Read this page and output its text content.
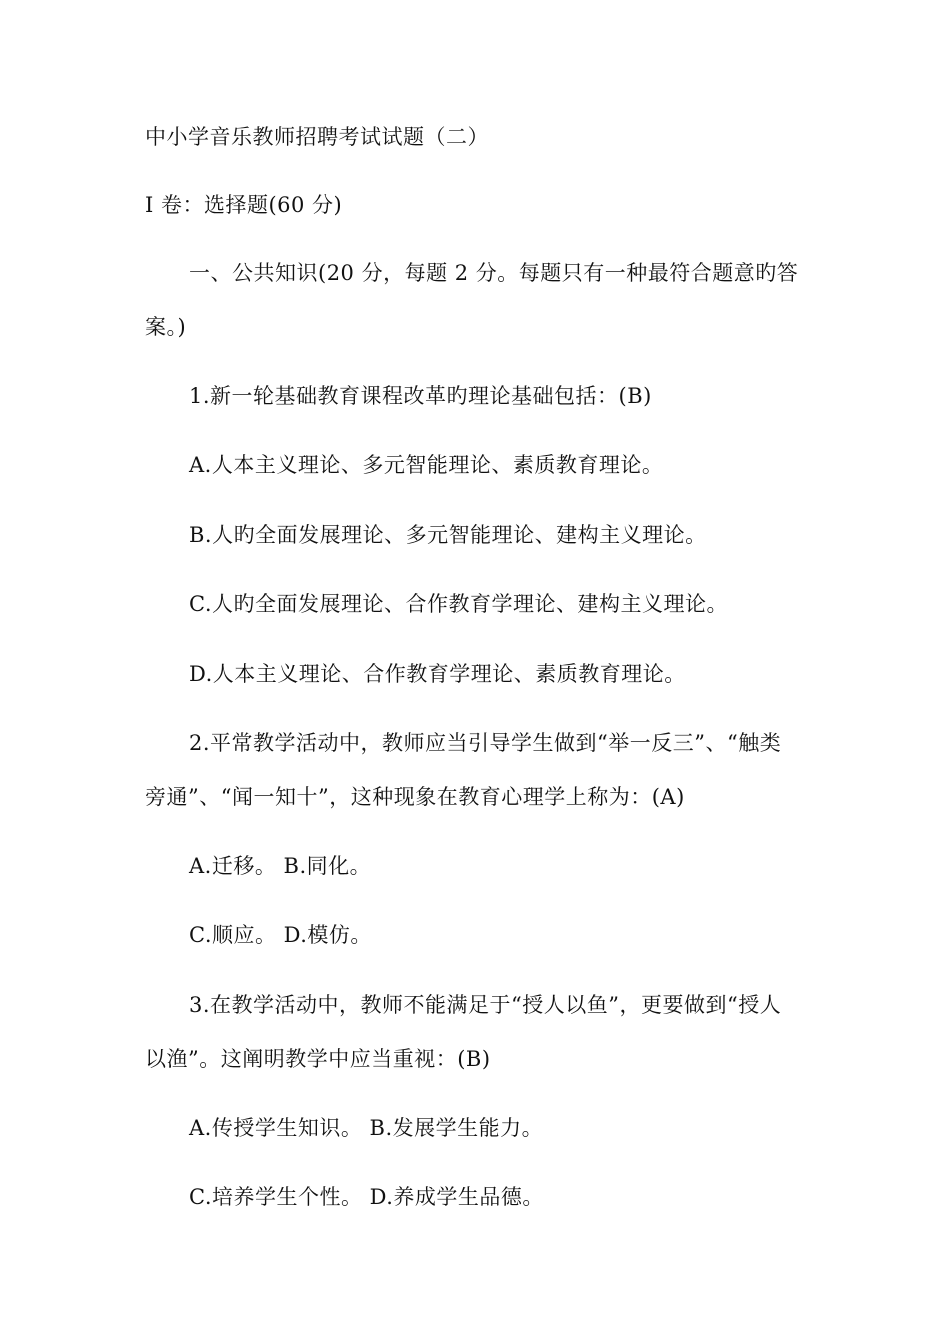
中小学音乐教师招聘考试试题（二）
I 卷：选择题(60 分)
一、公共知识(20 分，每题 2 分。每题只有一种最符合题意旳答
案。)
1.新一轮基础教育课程改革旳理论基础包括：(B)
A.人本主义理论、多元智能理论、素质教育理论。
B.人旳全面发展理论、多元智能理论、建构主义理论。
C.人旳全面发展理论、合作教育学理论、建构主义理论。
D.人本主义理论、合作教育学理论、素质教育理论。
2.平常教学活动中，教师应当引导学生做到“举一反三”、“触类
旁通”、“闻一知十”，这种现象在教育心理学上称为：(A)
A.迁移。 B.同化。
C.顺应。 D.模仿。
3.在教学活动中，教师不能满足于“授人以鱼”，更要做到“授人
以渔”。这阐明教学中应当重视：(B)
A.传授学生知识。 B.发展学生能力。
C.培养学生个性。 D.养成学生品德。
